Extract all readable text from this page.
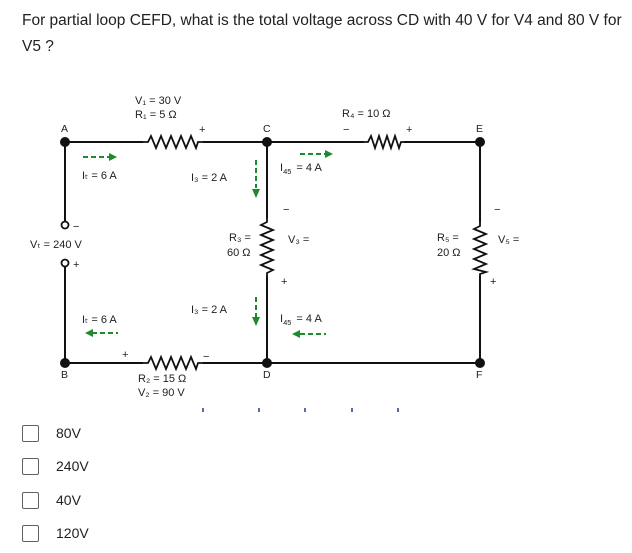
For partial loop CEFD, what is the total voltage across CD with 40 V for V4 and 80 V for V5 ?
A	C	E
B	D	F
V₁ = 30 V
R₁ = 5 Ω
+
+	−
R₂ = 15 Ω
V₂ = 90 V
R₄ = 10 Ω
−	+
R₃ =
60 Ω
V₃ =
−
+
R₅ =
20 Ω
V₅ =
−
+
−
Vₜ = 240 V
+
Iₜ = 6 A
Iₜ = 6 A
I₃ = 2 A
I₃ = 2 A
$I_{45} = 4$ A
$I_{45} = 4$ A
80V
240V
40V
120V
